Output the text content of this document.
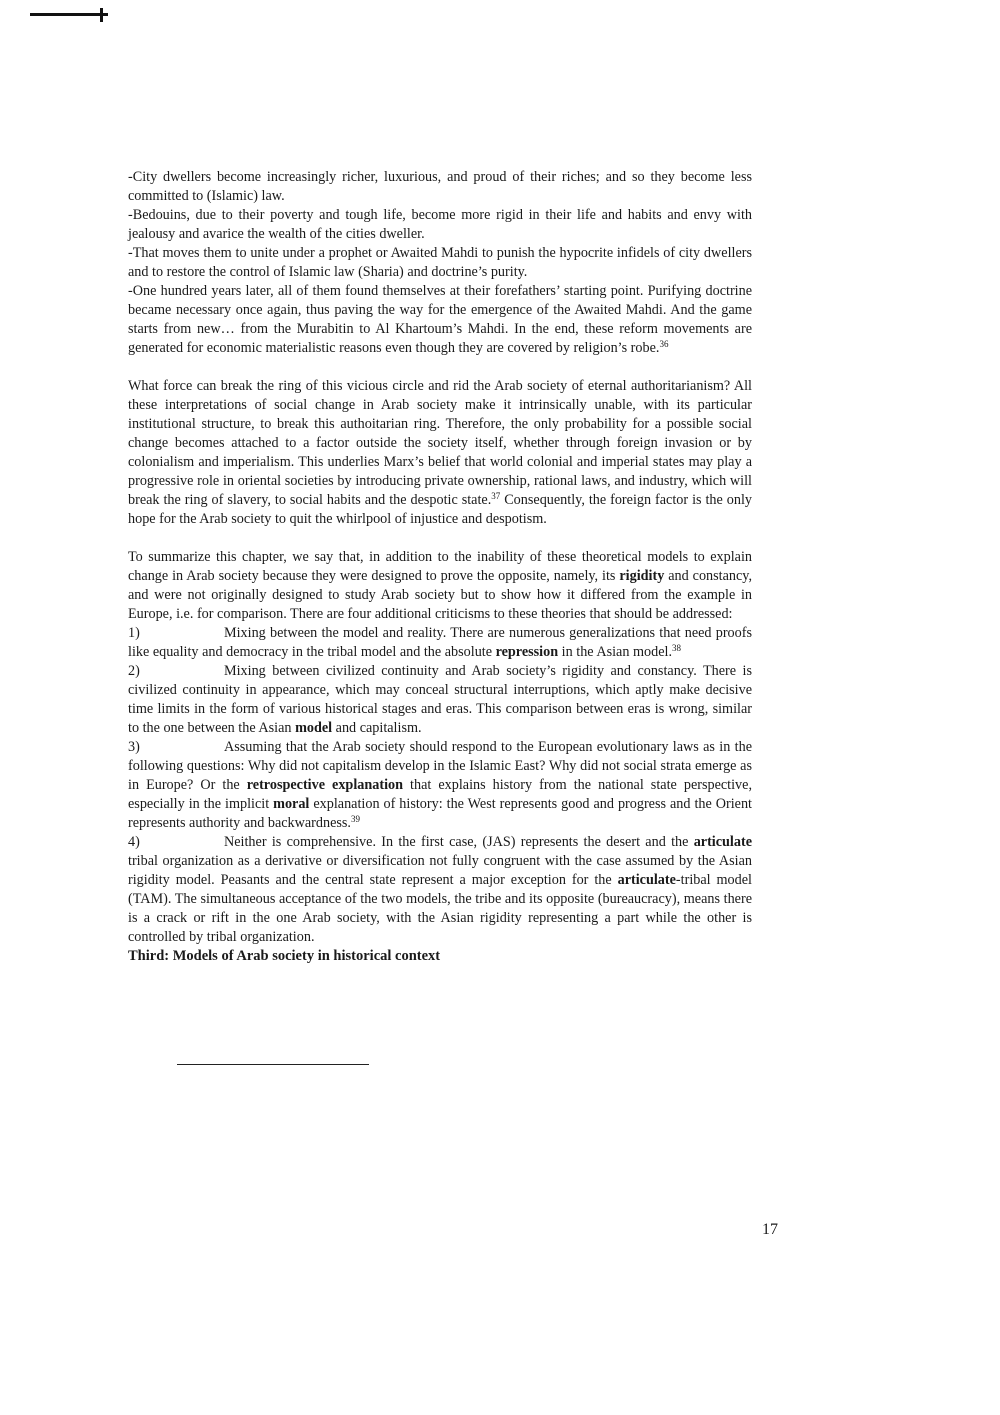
-City dwellers become increasingly richer, luxurious, and proud of their riches; and so they become less committed to (Islamic) law.

-Bedouins, due to their poverty and tough life, become more rigid in their life and habits and envy with jealousy and avarice the wealth of the cities dweller.

-That moves them to unite under a prophet or Awaited Mahdi to punish the hypocrite infidels of city dwellers and to restore the control of Islamic law (Sharia) and doctrine’s purity.

-One hundred years later, all of them found themselves at their forefathers’ starting point. Purifying doctrine became necessary once again, thus paving the way for the emergence of the Awaited Mahdi. And the game starts from new… from the Murabitin to Al Khartoum’s Mahdi. In the end, these reform movements are generated for economic materialistic reasons even though they are covered by religion’s robe.$^{36}$

What force can break the ring of this vicious circle and rid the Arab society of eternal authoritarianism? All these interpretations of social change in Arab society make it intrinsically unable, with its particular institutional structure, to break this authoitarian ring. Therefore, the only probability for a possible social change becomes attached to a factor outside the society itself, whether through foreign invasion or by colonialism and imperialism. This underlies Marx’s belief that world colonial and imperial states may play a progressive role in oriental societies by introducing private ownership, rational laws, and industry, which will break the ring of slavery, to social habits and the despotic state.$^{37}$ Consequently, the foreign factor is the only hope for the Arab society to quit the whirlpool of injustice and despotism.

To summarize this chapter, we say that, in addition to the inability of these theoretical models to explain change in Arab society because they were designed to prove the opposite, namely, its rigidity and constancy, and were not originally designed to study Arab society but to show how it differed from the example in Europe, i.e. for comparison. There are four additional criticisms to these theories that should be addressed:

1)	Mixing between the model and reality. There are numerous generalizations that need proofs like equality and democracy in the tribal model and the absolute repression in the Asian model.$^{38}$

2)	Mixing between civilized continuity and Arab society’s rigidity and constancy. There is civilized continuity in appearance, which may conceal structural interruptions, which aptly make decisive time limits in the form of various historical stages and eras. This comparison between eras is wrong, similar to the one between the Asian model and capitalism.

3)	Assuming that the Arab society should respond to the European evolutionary laws as in the following questions: Why did not capitalism develop in the Islamic East? Why did not social strata emerge as in Europe? Or the retrospective explanation that explains history from the national state perspective, especially in the implicit moral explanation of history: the West represents good and progress and the Orient represents authority and backwardness.$^{39}$

4)	Neither is comprehensive. In the first case, (JAS) represents the desert and the articulate tribal organization as a derivative or diversification not fully congruent with the case assumed by the Asian rigidity model. Peasants and the central state represent a major exception for the articulate-tribal model (TAM). The simultaneous acceptance of the two models, the tribe and its opposite (bureaucracy), means there is a crack or rift in the one Arab society, with the Asian rigidity representing a part while the other is controlled by tribal organization.

Third: Models of Arab society in historical context

17
